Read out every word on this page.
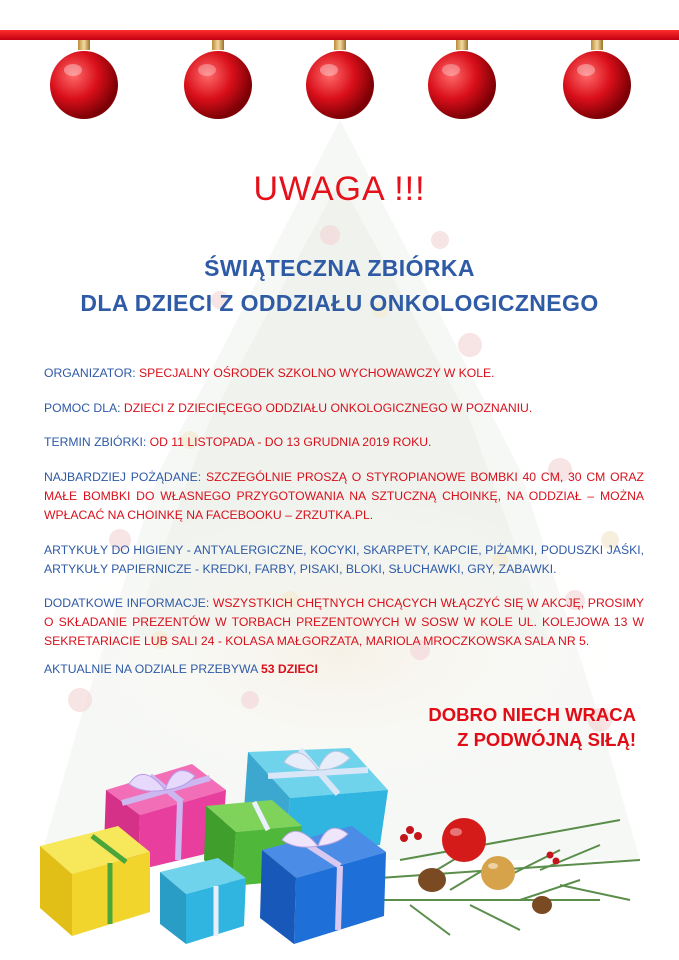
UWAGA !!!
ŚWIĄTECZNA ZBIÓRKA
DLA DZIECI Z ODDZIAŁU ONKOLOGICZNEGO
ORGANIZATOR: SPECJALNY OŚRODEK SZKOLNO WYCHOWAWCZY W KOLE.
POMOC DLA: DZIECI Z DZIECIĘCEGO ODDZIAŁU ONKOLOGICZNEGO W POZNANIU.
TERMIN ZBIÓRKI: OD 11 LISTOPADA - DO 13 GRUDNIA 2019 ROKU.
NAJBARDZIEJ POŻĄDANE: SZCZEGÓLNIE PROSZĄ O STYROPIANOWE BOMBKI 40 CM, 30 CM ORAZ MAŁE BOMBKI DO WŁASNEGO PRZYGOTOWANIA NA SZTUCZNĄ CHOINKĘ, NA ODDZIAŁ – MOŻNA WPŁACAĆ NA CHOINKĘ NA FACEBOOKU – ZRZUTKA.PL.
ARTYKUŁY DO HIGIENY - ANTYALERGICZNE, KOCYKI, SKARPETY, KAPCIE, PIŻAMKI, PODUSZKI JAŚKI, ARTYKUŁY PAPIERNICZE - KREDKI, FARBY, PISAKI, BLOKI, SŁUCHAWKI, GRY, ZABAWKI.
DODATKOWE INFORMACJE: WSZYSTKICH CHĘTNYCH CHCĄCYCH WŁĄCZYĆ SIĘ W AKCJĘ, PROSIMY O SKŁADANIE PREZENTÓW W TORBACH PREZENTOWYCH W SOSW W KOLE UL. KOLEJOWA 13 W SEKRETARIACIE LUB SALI 24 - KOLASA MAŁGORZATA, MARIOLA MROCZKOWSKA SALA NR 5.
AKTUALNIE NA ODZIALE PRZEBYWA 53 DZIECI
DOBRO NIECH WRACA
Z PODWÓJNĄ SIŁĄ!
